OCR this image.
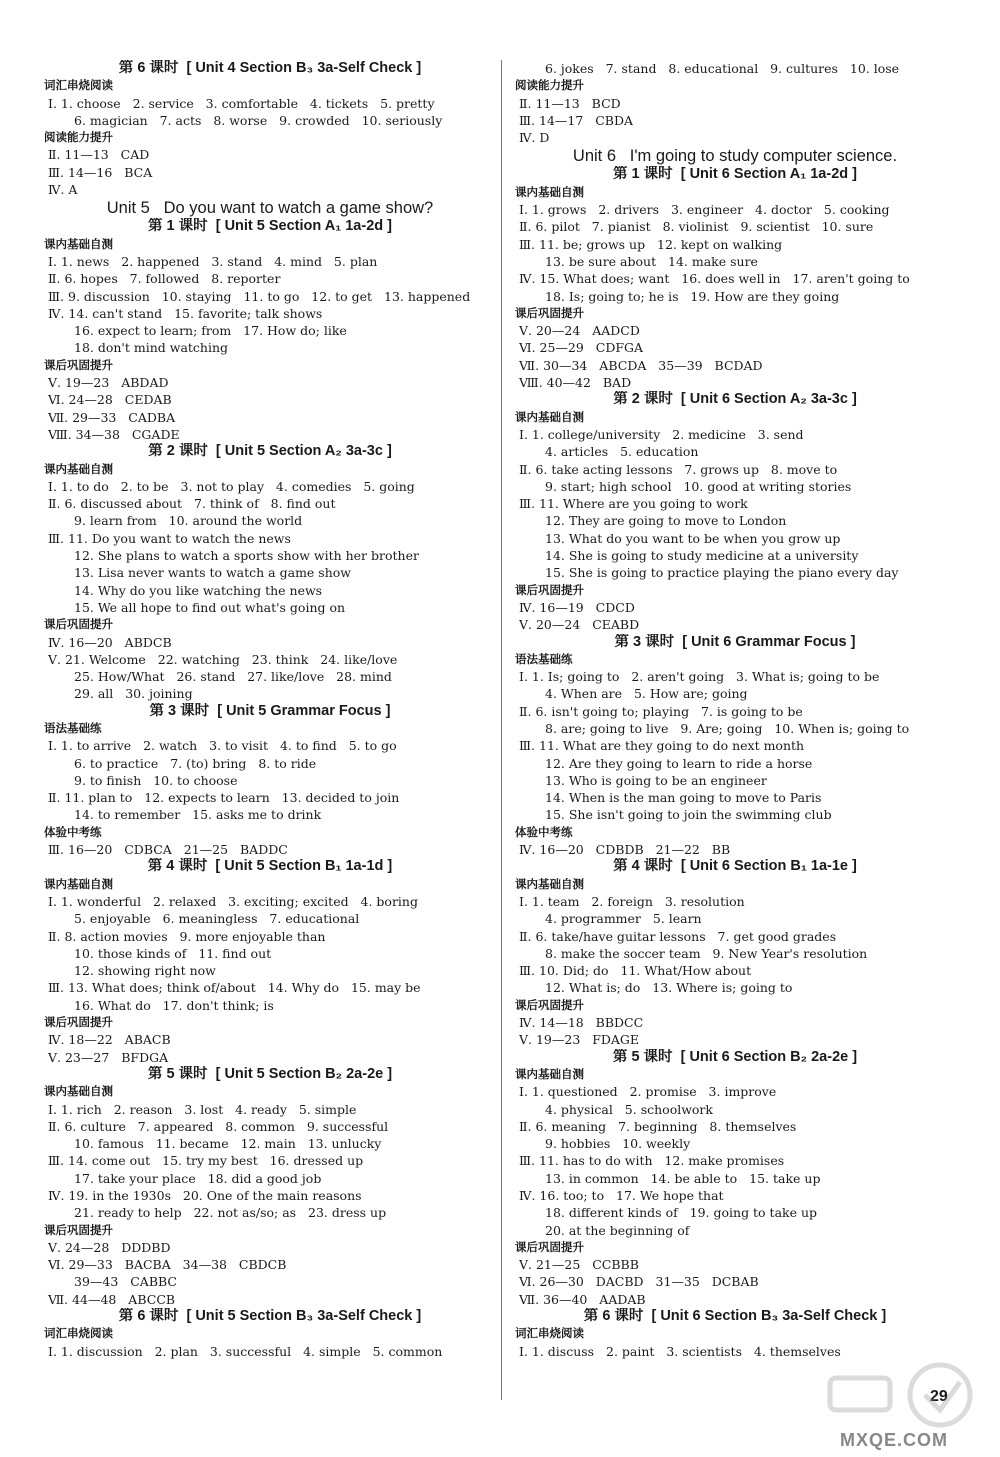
第 6 课时  [ Unit 4 Section B₃ 3a-Self Check ]
词汇串烧阅读
Ⅰ. 1. choose   2. service   3. comfortable   4. tickets   5. pretty
6. magician   7. acts   8. worse   9. crowded   10. seriously
阅读能力提升
Ⅱ. 11—13   CAD
Ⅲ. 14—16   BCA
Ⅳ. A
Unit 5   Do you want to watch a game show?
第 1 课时  [ Unit 5 Section A₁ 1a-2d ]
课内基础自测
Ⅰ. 1. news   2. happened   3. stand   4. mind   5. plan
Ⅱ. 6. hopes   7. followed   8. reporter
Ⅲ. 9. discussion   10. staying   11. to go   12. to get   13. happened
Ⅳ. 14. can't stand   15. favorite; talk shows
16. expect to learn; from   17. How do; like
18. don't mind watching
课后巩固提升
Ⅴ. 19—23   ABDAD
Ⅵ. 24—28   CEDAB
Ⅶ. 29—33   CADBA
Ⅷ. 34—38   CGADE
第 2 课时  [ Unit 5 Section A₂ 3a-3c ]
课内基础自测
Ⅰ. 1. to do   2. to be   3. not to play   4. comedies   5. going
Ⅱ. 6. discussed about   7. think of   8. find out
9. learn from   10. around the world
Ⅲ. 11. Do you want to watch the news
12. She plans to watch a sports show with her brother
13. Lisa never wants to watch a game show
14. Why do you like watching the news
15. We all hope to find out what's going on
课后巩固提升
Ⅳ. 16—20   ABDCB
Ⅴ. 21. Welcome   22. watching   23. think   24. like/love
25. How/What   26. stand   27. like/love   28. mind
29. all   30. joining
第 3 课时  [ Unit 5 Grammar Focus ]
语法基础练
Ⅰ. 1. to arrive   2. watch   3. to visit   4. to find   5. to go
6. to practice   7. (to) bring   8. to ride
9. to finish   10. to choose
Ⅱ. 11. plan to   12. expects to learn   13. decided to join
14. to remember   15. asks me to drink
体验中考练
Ⅲ. 16—20   CDBCA   21—25   BADDC
第 4 课时  [ Unit 5 Section B₁ 1a-1d ]
课内基础自测
Ⅰ. 1. wonderful   2. relaxed   3. exciting; excited   4. boring
5. enjoyable   6. meaningless   7. educational
Ⅱ. 8. action movies   9. more enjoyable than
10. those kinds of   11. find out
12. showing right now
Ⅲ. 13. What does; think of/about   14. Why do   15. may be
16. What do   17. don't think; is
课后巩固提升
Ⅳ. 18—22   ABACB
Ⅴ. 23—27   BFDGA
第 5 课时  [ Unit 5 Section B₂ 2a-2e ]
课内基础自测
Ⅰ. 1. rich   2. reason   3. lost   4. ready   5. simple
Ⅱ. 6. culture   7. appeared   8. common   9. successful
10. famous   11. became   12. main   13. unlucky
Ⅲ. 14. come out   15. try my best   16. dressed up
17. take your place   18. did a good job
Ⅳ. 19. in the 1930s   20. One of the main reasons
21. ready to help   22. not as/so; as   23. dress up
课后巩固提升
Ⅴ. 24—28   DDDBD
Ⅵ. 29—33   BACBA   34—38   CBDCB
39—43   CABBC
Ⅶ. 44—48   ABCCB
第 6 课时  [ Unit 5 Section B₃ 3a-Self Check ]
词汇串烧阅读
Ⅰ. 1. discussion   2. plan   3. successful   4. simple   5. common
6. jokes   7. stand   8. educational   9. cultures   10. lose
阅读能力提升
Ⅱ. 11—13   BCD
Ⅲ. 14—17   CBDA
Ⅳ. D
Unit 6   I'm going to study computer science.
第 1 课时  [ Unit 6 Section A₁ 1a-2d ]
课内基础自测
Ⅰ. 1. grows   2. drivers   3. engineer   4. doctor   5. cooking
Ⅱ. 6. pilot   7. pianist   8. violinist   9. scientist   10. sure
Ⅲ. 11. be; grows up   12. kept on walking
13. be sure about   14. make sure
Ⅳ. 15. What does; want   16. does well in   17. aren't going to
18. Is; going to; he is   19. How are they going
课后巩固提升
Ⅴ. 20—24   AADCD
Ⅵ. 25—29   CDFGA
Ⅶ. 30—34   ABCDA   35—39   BCDAD
Ⅷ. 40—42   BAD
第 2 课时  [ Unit 6 Section A₂ 3a-3c ]
课内基础自测
Ⅰ. 1. college/university   2. medicine   3. send
4. articles   5. education
Ⅱ. 6. take acting lessons   7. grows up   8. move to
9. start; high school   10. good at writing stories
Ⅲ. 11. Where are you going to work
12. They are going to move to London
13. What do you want to be when you grow up
14. She is going to study medicine at a university
15. She is going to practice playing the piano every day
课后巩固提升
Ⅳ. 16—19   CDCD
Ⅴ. 20—24   CEABD
第 3 课时  [ Unit 6 Grammar Focus ]
语法基础练
Ⅰ. 1. Is; going to   2. aren't going   3. What is; going to be
4. When are   5. How are; going
Ⅱ. 6. isn't going to; playing   7. is going to be
8. are; going to live   9. Are; going   10. When is; going to
Ⅲ. 11. What are they going to do next month
12. Are they going to learn to ride a horse
13. Who is going to be an engineer
14. When is the man going to move to Paris
15. She isn't going to join the swimming club
体验中考练
Ⅳ. 16—20   CDBDB   21—22   BB
第 4 课时  [ Unit 6 Section B₁ 1a-1e ]
课内基础自测
Ⅰ. 1. team   2. foreign   3. resolution
4. programmer   5. learn
Ⅱ. 6. take/have guitar lessons   7. get good grades
8. make the soccer team   9. New Year's resolution
Ⅲ. 10. Did; do   11. What/How about
12. What is; do   13. Where is; going to
课后巩固提升
Ⅳ. 14—18   BBDCC
Ⅴ. 19—23   FDAGE
第 5 课时  [ Unit 6 Section B₂ 2a-2e ]
课内基础自测
Ⅰ. 1. questioned   2. promise   3. improve
4. physical   5. schoolwork
Ⅱ. 6. meaning   7. beginning   8. themselves
9. hobbies   10. weekly
Ⅲ. 11. has to do with   12. make promises
13. in common   14. be able to   15. take up
Ⅳ. 16. too; to   17. We hope that
18. different kinds of   19. going to take up
20. at the beginning of
课后巩固提升
Ⅴ. 21—25   CCBBB
Ⅵ. 26—30   DACBD   31—35   DCBAB
Ⅶ. 36—40   AADAB
第 6 课时  [ Unit 6 Section B₃ 3a-Self Check ]
词汇串烧阅读
Ⅰ. 1. discuss   2. paint   3. scientists   4. themselves
29
MXQE.COM
